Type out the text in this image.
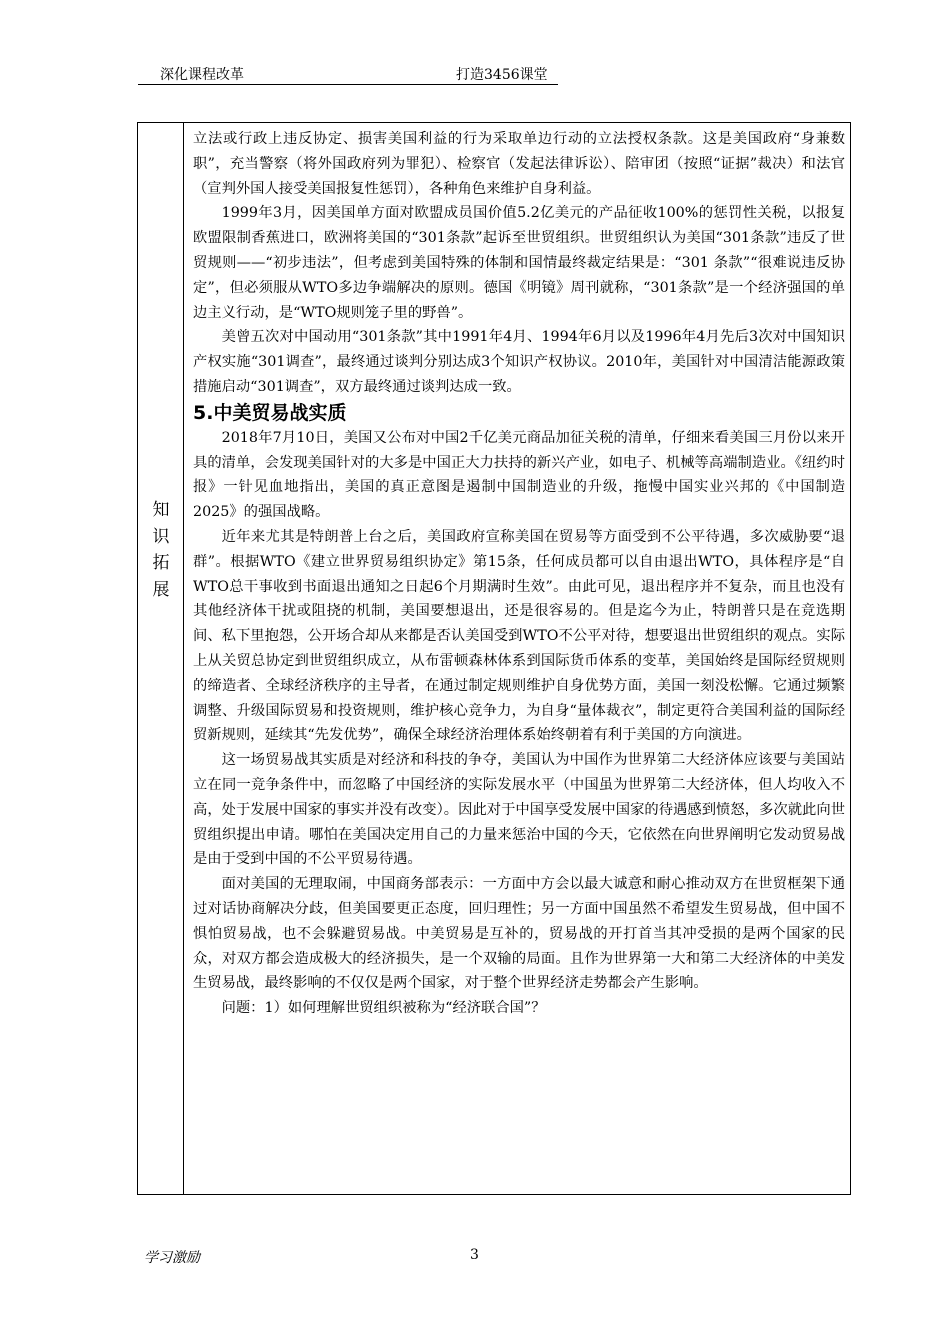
深化课程改革	打造3456课堂
知
识
拓
展

立法或行政上违反协定、损害美国利益的行为采取单边行动的立法授权条款。这是美国政府“身兼数职”，充当警察（将外国政府列为罪犯）、检察官（发起法律诉讼）、陪审团（按照“证据”裁决）和法官（宣判外国人接受美国报复性惩罚），各种角色来维护自身利益。

1999年3月，因美国单方面对欧盟成员国价值5.2亿美元的产品征收100%的惩罚性关税，以报复欧盟限制香蕉进口，欧洲将美国的“301条款”起诉至世贸组织。世贸组织认为美国“301条款”违反了世贸规则——“初步违法”，但考虑到美国特殊的体制和国情最终裁定结果是：“301 条款”“很难说违反协定”，但必须服从WTO多边争端解决的原则。德国《明镜》周刊就称，“301条款”是一个经济强国的单边主义行动，是“WTO规则笼子里的野兽”。

美曾五次对中国动用“301条款”其中1991年4月、1994年6月以及1996年4月先后3次对中国知识产权实施“301调查”，最终通过谈判分别达成3个知识产权协议。2010年，美国针对中国清洁能源政策措施启动“301调查”，双方最终通过谈判达成一致。

5.中美贸易战实质

2018年7月10日，美国又公布对中国2千亿美元商品加征关税的清单，仔细来看美国三月份以来开具的清单，会发现美国针对的大多是中国正大力扶持的新兴产业，如电子、机械等高端制造业。《纽约时报》一针见血地指出，美国的真正意图是遏制中国制造业的升级，拖慢中国实业兴邦的《中国制造2025》的强国战略。

近年来尤其是特朗普上台之后，美国政府宣称美国在贸易等方面受到不公平待遇，多次威胁要“退群”。根据WTO《建立世界贸易组织协定》第15条，任何成员都可以自由退出WTO，具体程序是“自WTO总干事收到书面退出通知之日起6个月期满时生效”。由此可见，退出程序并不复杂，而且也没有其他经济体干扰或阻挠的机制，美国要想退出，还是很容易的。但是迄今为止，特朗普只是在竞选期间、私下里抱怨，公开场合却从来都是否认美国受到WTO不公平对待，想要退出世贸组织的观点。实际上从关贸总协定到世贸组织成立，从布雷顿森林体系到国际货币体系的变革，美国始终是国际经贸规则的缔造者、全球经济秩序的主导者，在通过制定规则维护自身优势方面，美国一刻没松懈。它通过频繁调整、升级国际贸易和投资规则，维护核心竞争力，为自身“量体裁衣”，制定更符合美国利益的国际经贸新规则，延续其“先发优势”，确保全球经济治理体系始终朝着有利于美国的方向演进。

这一场贸易战其实质是对经济和科技的争夺，美国认为中国作为世界第二大经济体应该要与美国站立在同一竞争条件中，而忽略了中国经济的实际发展水平（中国虽为世界第二大经济体，但人均收入不高，处于发展中国家的事实并没有改变）。因此对于中国享受发展中国家的待遇感到愤怒，多次就此向世贸组织提出申请。哪怕在美国决定用自己的力量来惩治中国的今天，它依然在向世界阐明它发动贸易战是由于受到中国的不公平贸易待遇。

面对美国的无理取闹，中国商务部表示：一方面中方会以最大诚意和耐心推动双方在世贸框架下通过对话协商解决分歧，但美国要更正态度，回归理性；另一方面中国虽然不希望发生贸易战，但中国不惧怕贸易战，也不会躲避贸易战。中美贸易是互补的，贸易战的开打首当其冲受损的是两个国家的民众，对双方都会造成极大的经济损失，是一个双输的局面。且作为世界第一大和第二大经济体的中美发生贸易战，最终影响的不仅仅是两个国家，对于整个世界经济走势都会产生影响。

问题：1）如何理解世贸组织被称为“经济联合国”？

学习激励	3
